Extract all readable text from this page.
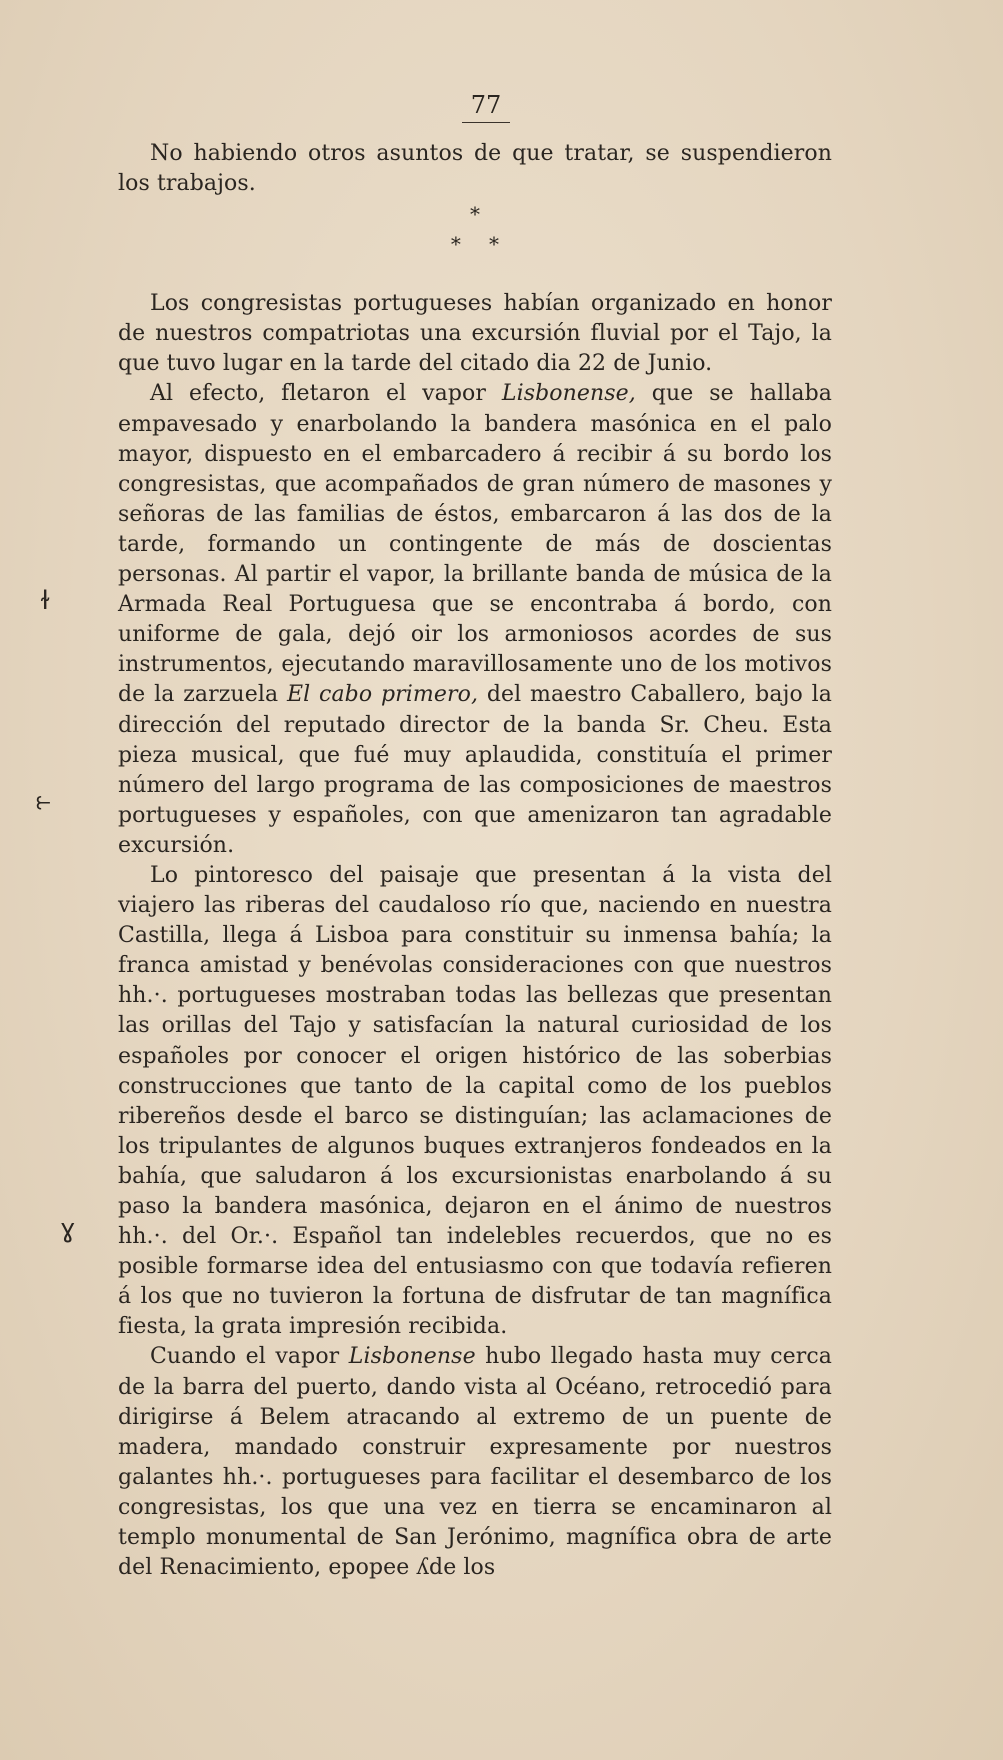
77
ɫ
⥼
ɣ

No habiendo otros asuntos de que tratar, se suspendieron los trabajos.

*
* *

Los congresistas portugueses habían organizado en honor de nuestros compatriotas una excursión fluvial por el Tajo, la que tuvo lugar en la tarde del citado dia 22 de Junio.

Al efecto, fletaron el vapor Lisbonense, que se hallaba empavesado y enarbolando la bandera masónica en el palo mayor, dispuesto en el embarcadero á recibir á su bordo los congresistas, que acompañados de gran número de masones y señoras de las familias de éstos, embarcaron á las dos de la tarde, formando un contingente de más de doscientas personas. Al partir el vapor, la brillante banda de música de la Armada Real Portuguesa que se encontraba á bordo, con uniforme de gala, dejó oir los armoniosos acordes de sus instrumentos, ejecutando maravillosamente uno de los motivos de la zarzuela El cabo primero, del maestro Caballero, bajo la dirección del reputado director de la banda Sr. Cheu. Esta pieza musical, que fué muy aplaudida, constituía el primer número del largo programa de las composiciones de maestros portugueses y españoles, con que amenizaron tan agradable excursión.

Lo pintoresco del paisaje que presentan á la vista del viajero las riberas del caudaloso río que, naciendo en nuestra Castilla, llega á Lisboa para constituir su inmensa bahía; la franca amistad y benévolas consideraciones con que nuestros hh.·. portugueses mostraban todas las bellezas que presentan las orillas del Tajo y satisfacían la natural curiosidad de los españoles por conocer el origen histórico de las soberbias construcciones que tanto de la capital como de los pueblos ribereños desde el barco se distinguían; las aclamaciones de los tripulantes de algunos buques extranjeros fondeados en la bahía, que saludaron á los excursionistas enarbolando á su paso la bandera masónica, dejaron en el ánimo de nuestros hh.·. del Or.·. Español tan indelebles recuerdos, que no es posible formarse idea del entusiasmo con que todavía refieren á los que no tuvieron la fortuna de disfrutar de tan magnífica fiesta, la grata impresión recibida.

Cuando el vapor Lisbonense hubo llegado hasta muy cerca de la barra del puerto, dando vista al Océano, retrocedió para dirigirse á Belem atracando al extremo de un puente de madera, mandado construir expresamente por nuestros galantes hh.·. portugueses para facilitar el desembarco de los congresistas, los que una vez en tierra se encaminaron al templo monumental de San Jerónimo, magnífica obra de arte del Renacimiento, epopee ʎde los
